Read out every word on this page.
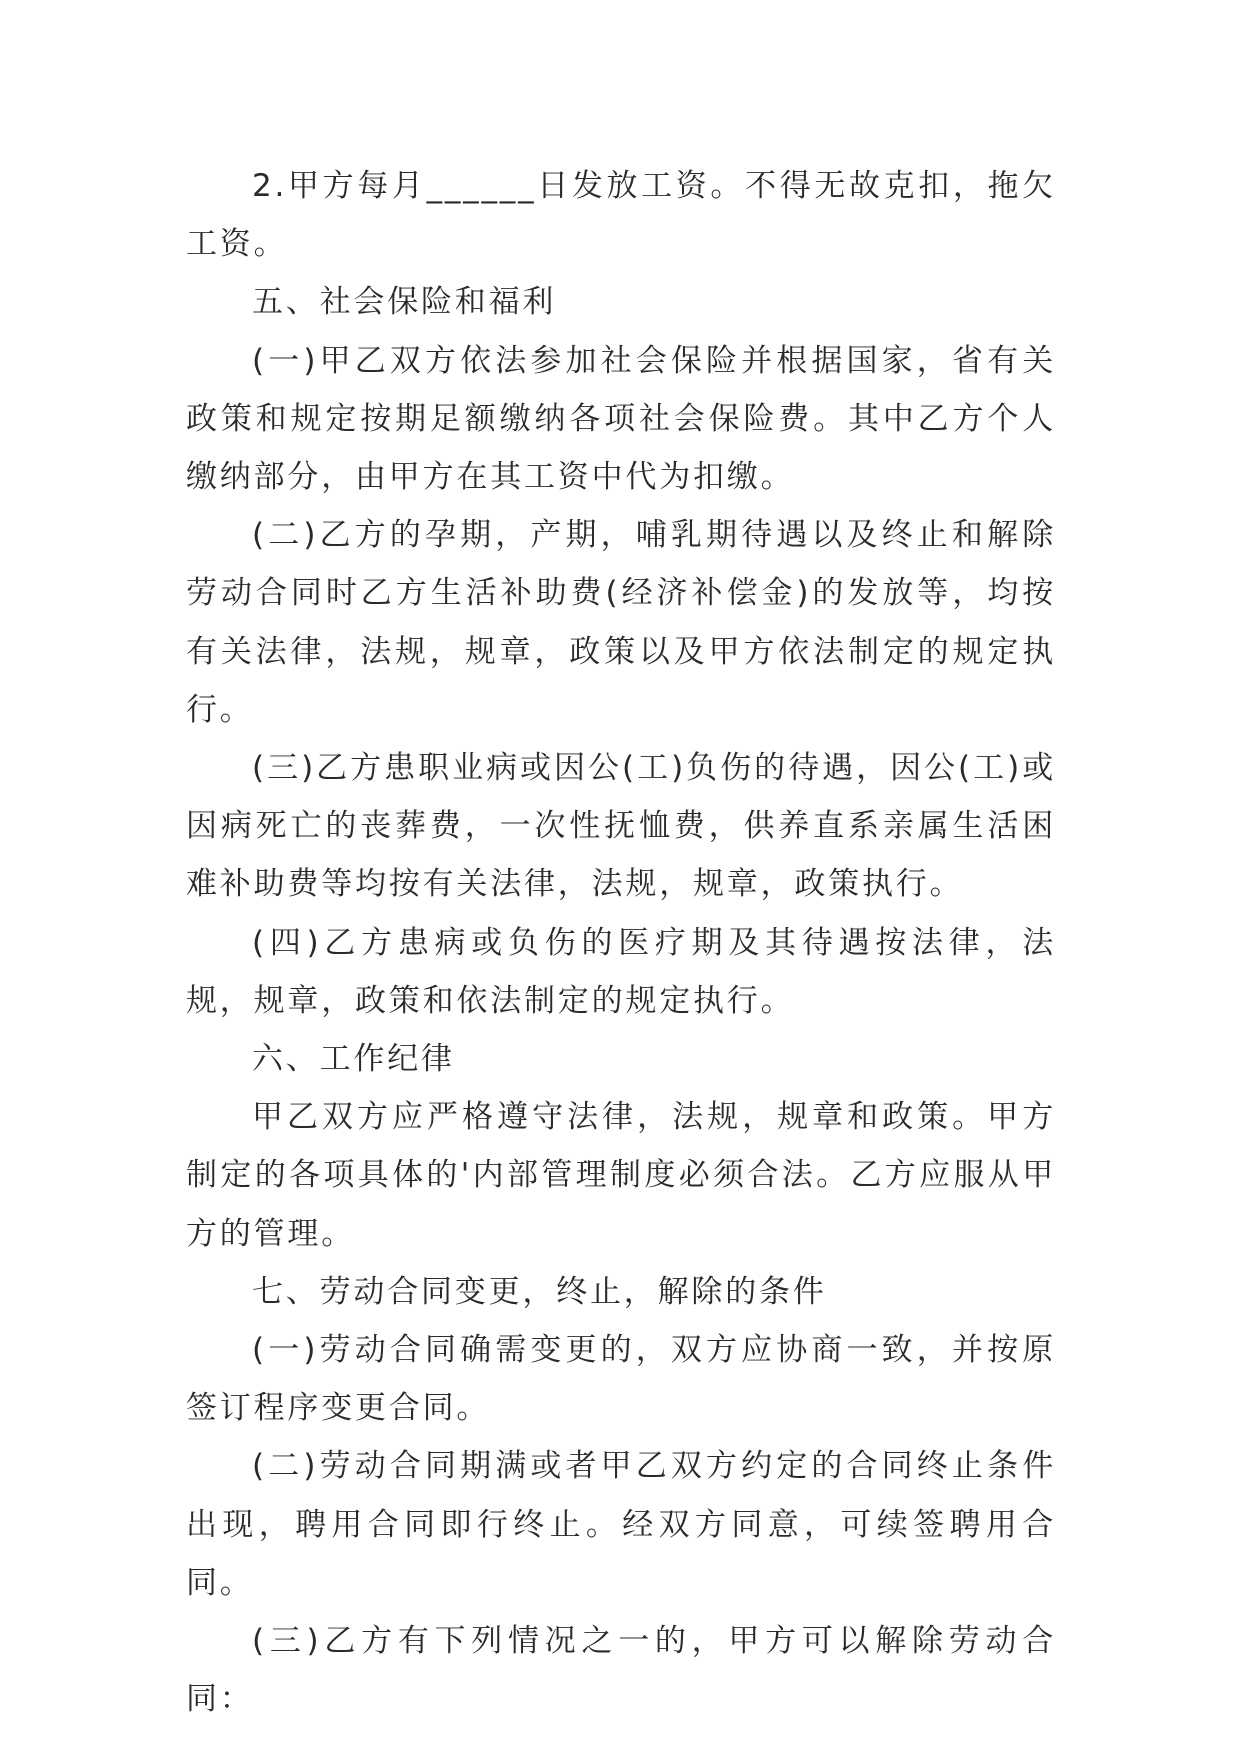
2.甲方每月______日发放工资。不得无故克扣，拖欠工资。

五、社会保险和福利

(一)甲乙双方依法参加社会保险并根据国家，省有关政策和规定按期足额缴纳各项社会保险费。其中乙方个人缴纳部分，由甲方在其工资中代为扣缴。

(二)乙方的孕期，产期，哺乳期待遇以及终止和解除劳动合同时乙方生活补助费(经济补偿金)的发放等，均按有关法律，法规，规章，政策以及甲方依法制定的规定执行。

(三)乙方患职业病或因公(工)负伤的待遇，因公(工)或因病死亡的丧葬费，一次性抚恤费，供养直系亲属生活困难补助费等均按有关法律，法规，规章，政策执行。

(四)乙方患病或负伤的医疗期及其待遇按法律，法规，规章，政策和依法制定的规定执行。

六、工作纪律

甲乙双方应严格遵守法律，法规，规章和政策。甲方制定的各项具体的'内部管理制度必须合法。乙方应服从甲方的管理。

七、劳动合同变更，终止，解除的条件

(一)劳动合同确需变更的，双方应协商一致，并按原签订程序变更合同。

(二)劳动合同期满或者甲乙双方约定的合同终止条件出现，聘用合同即行终止。经双方同意，可续签聘用合同。

(三)乙方有下列情况之一的，甲方可以解除劳动合同：
